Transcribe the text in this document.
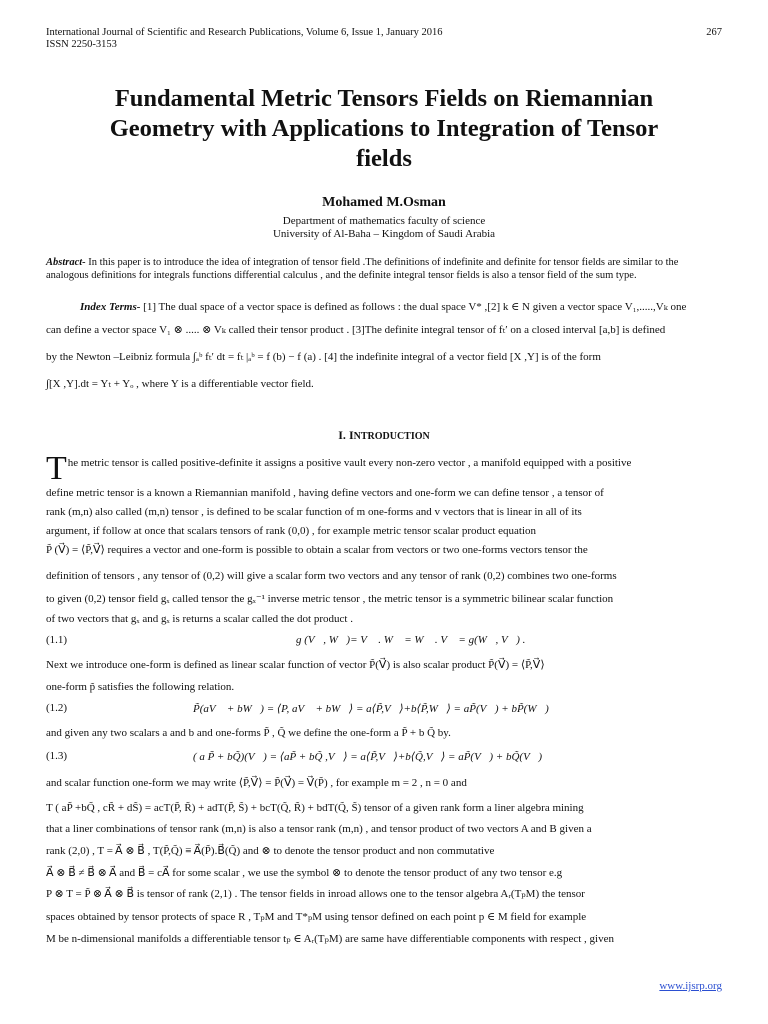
International Journal of Scientific and Research Publications, Volume 6, Issue 1, January 2016
ISSN 2250-3153
267
Fundamental Metric Tensors Fields on Riemannian
Geometry with Applications to Integration of Tensor
fields
Mohamed M.Osman
Department of mathematics faculty of science
University of Al-Baha – Kingdom of Saudi Arabia
Abstract- In this paper is to introduce the idea of integration of tensor field .The definitions of indefinite and definite for tensor fields are similar to the analogous definitions for integrals functions differential calculus , and the definite integral tensor fields is also a tensor field of the sum type.
Index Terms- [1] The dual space of a vector space is defined as follows : the dual space V* ,[2] k ∈ N given a vector space V₁,.....,Vₖ one
can define a vector space V₁ ⊗ ..... ⊗ Vₖ called their tensor product . [3]The definite integral tensor of fₜ′ on a closed interval [a,b] is defined
by the Newton –Leibniz formula ∫ₐᵇ fₜ′ dt = fₜ |ₐᵇ = f (b) − f (a) . [4] the indefinite integral of a vector field [X ,Y] is of the form
∫[X ,Y].dt = Yₜ + Yₒ , where Y is a differentiable vector field.
I. INTRODUCTION
The metric tensor is called positive-definite it assigns a positive vault every non-zero vector , a manifold equipped with a positive
define metric tensor is a known a Riemannian manifold , having define vectors and one-form we can define tensor , a tensor of
rank (m,n) also called (m,n) tensor , is defined to be scalar function of m one-forms and v vectors that is linear in all of its
argument, if follow at once that scalars tensors of rank (0,0) , for example metric tensor scalar product equation
P̃ (V⃗) = ⟨P̃,V⃗⟩ requires a vector and one-form is possible to obtain a scalar from vectors or two one-forms vectors tensor the
definition of tensors , any tensor of (0,2) will give a scalar form two vectors and any tensor of rank (0,2) combines two one-forms
to given (0,2) tensor field gₓ called tensor the gₓ⁻¹ inverse metric tensor , the metric tensor is a symmetric bilinear scalar function
of two vectors that gₓ and gₓ is returns a scalar called the dot product .
(1.1)	g (V⃗, W⃗)= V⃗ . W⃗ = W⃗ . V⃗ = g(W⃗, V⃗) .
Next we introduce one-form is defined as linear scalar function of vector P̃(V⃗) is also scalar product P̃(V⃗) = ⟨P̃,V⃗⟩
one-form p̃ satisfies the following relation.
(1.2)	P̃(aV⃗ + bW⃗) = ⟨P, aV⃗ + bW⃗⟩ = a⟨P̃,V⃗⟩+b⟨P̃,W⃗⟩ = aP̃(V⃗) + bP̃(W⃗)
and given any two scalars a and b and one-forms P̃ , Q̃ we define the one-form a P̃ + b Q̃ by.
(1.3)	( a P̃ + bQ̃)(V⃗) = ⟨aP̃ + bQ̃ ,V⃗⟩ = a⟨P̃,V⃗⟩+b⟨Q̃,V⃗⟩ = aP̃(V⃗) + bQ̃(V⃗)
and scalar function one-form we may write ⟨P̃,V⃗⟩ = P̃(V⃗) = V⃗(P̃) , for example m = 2 , n = 0 and
T ( aP̃ +bQ̃ , cR̃ + dS̃) = acT(P̃, R̃) + adT(P̃, S̃) + bcT(Q̃, R̃) + bdT(Q̃, S̃) tensor of a given rank form a liner algebra mining
that a liner combinations of tensor rank (m,n) is also a tensor rank (m,n) , and tensor product of two vectors A and B given a
rank (2,0) , T = A⃗ ⊗ B⃗ , T(P̃,Q̃) ≡ A⃗(P̃).B⃗(Q̃) and ⊗ to denote the tensor product and non commutative
A⃗ ⊗ B⃗ ≠ B⃗ ⊗ A⃗ and B⃗ = cA⃗ for some scalar , we use the symbol ⊗ to denote the tensor product of any two tensor e.g
P ⊗ T = P̃ ⊗ A⃗ ⊗ B⃗ is tensor of rank (2,1) . The tensor fields in inroad allows one to the tensor algebra Aᵣ(TₚM) the tensor
spaces obtained by tensor protects of space R , TₚM and T*ₚM using tensor defined on each point p ∈ M field for example
M be n-dimensional manifolds a differentiable tensor tₚ ∈ Aᵣ(TₚM) are same have differentiable components with respect , given
www.ijsrp.org
